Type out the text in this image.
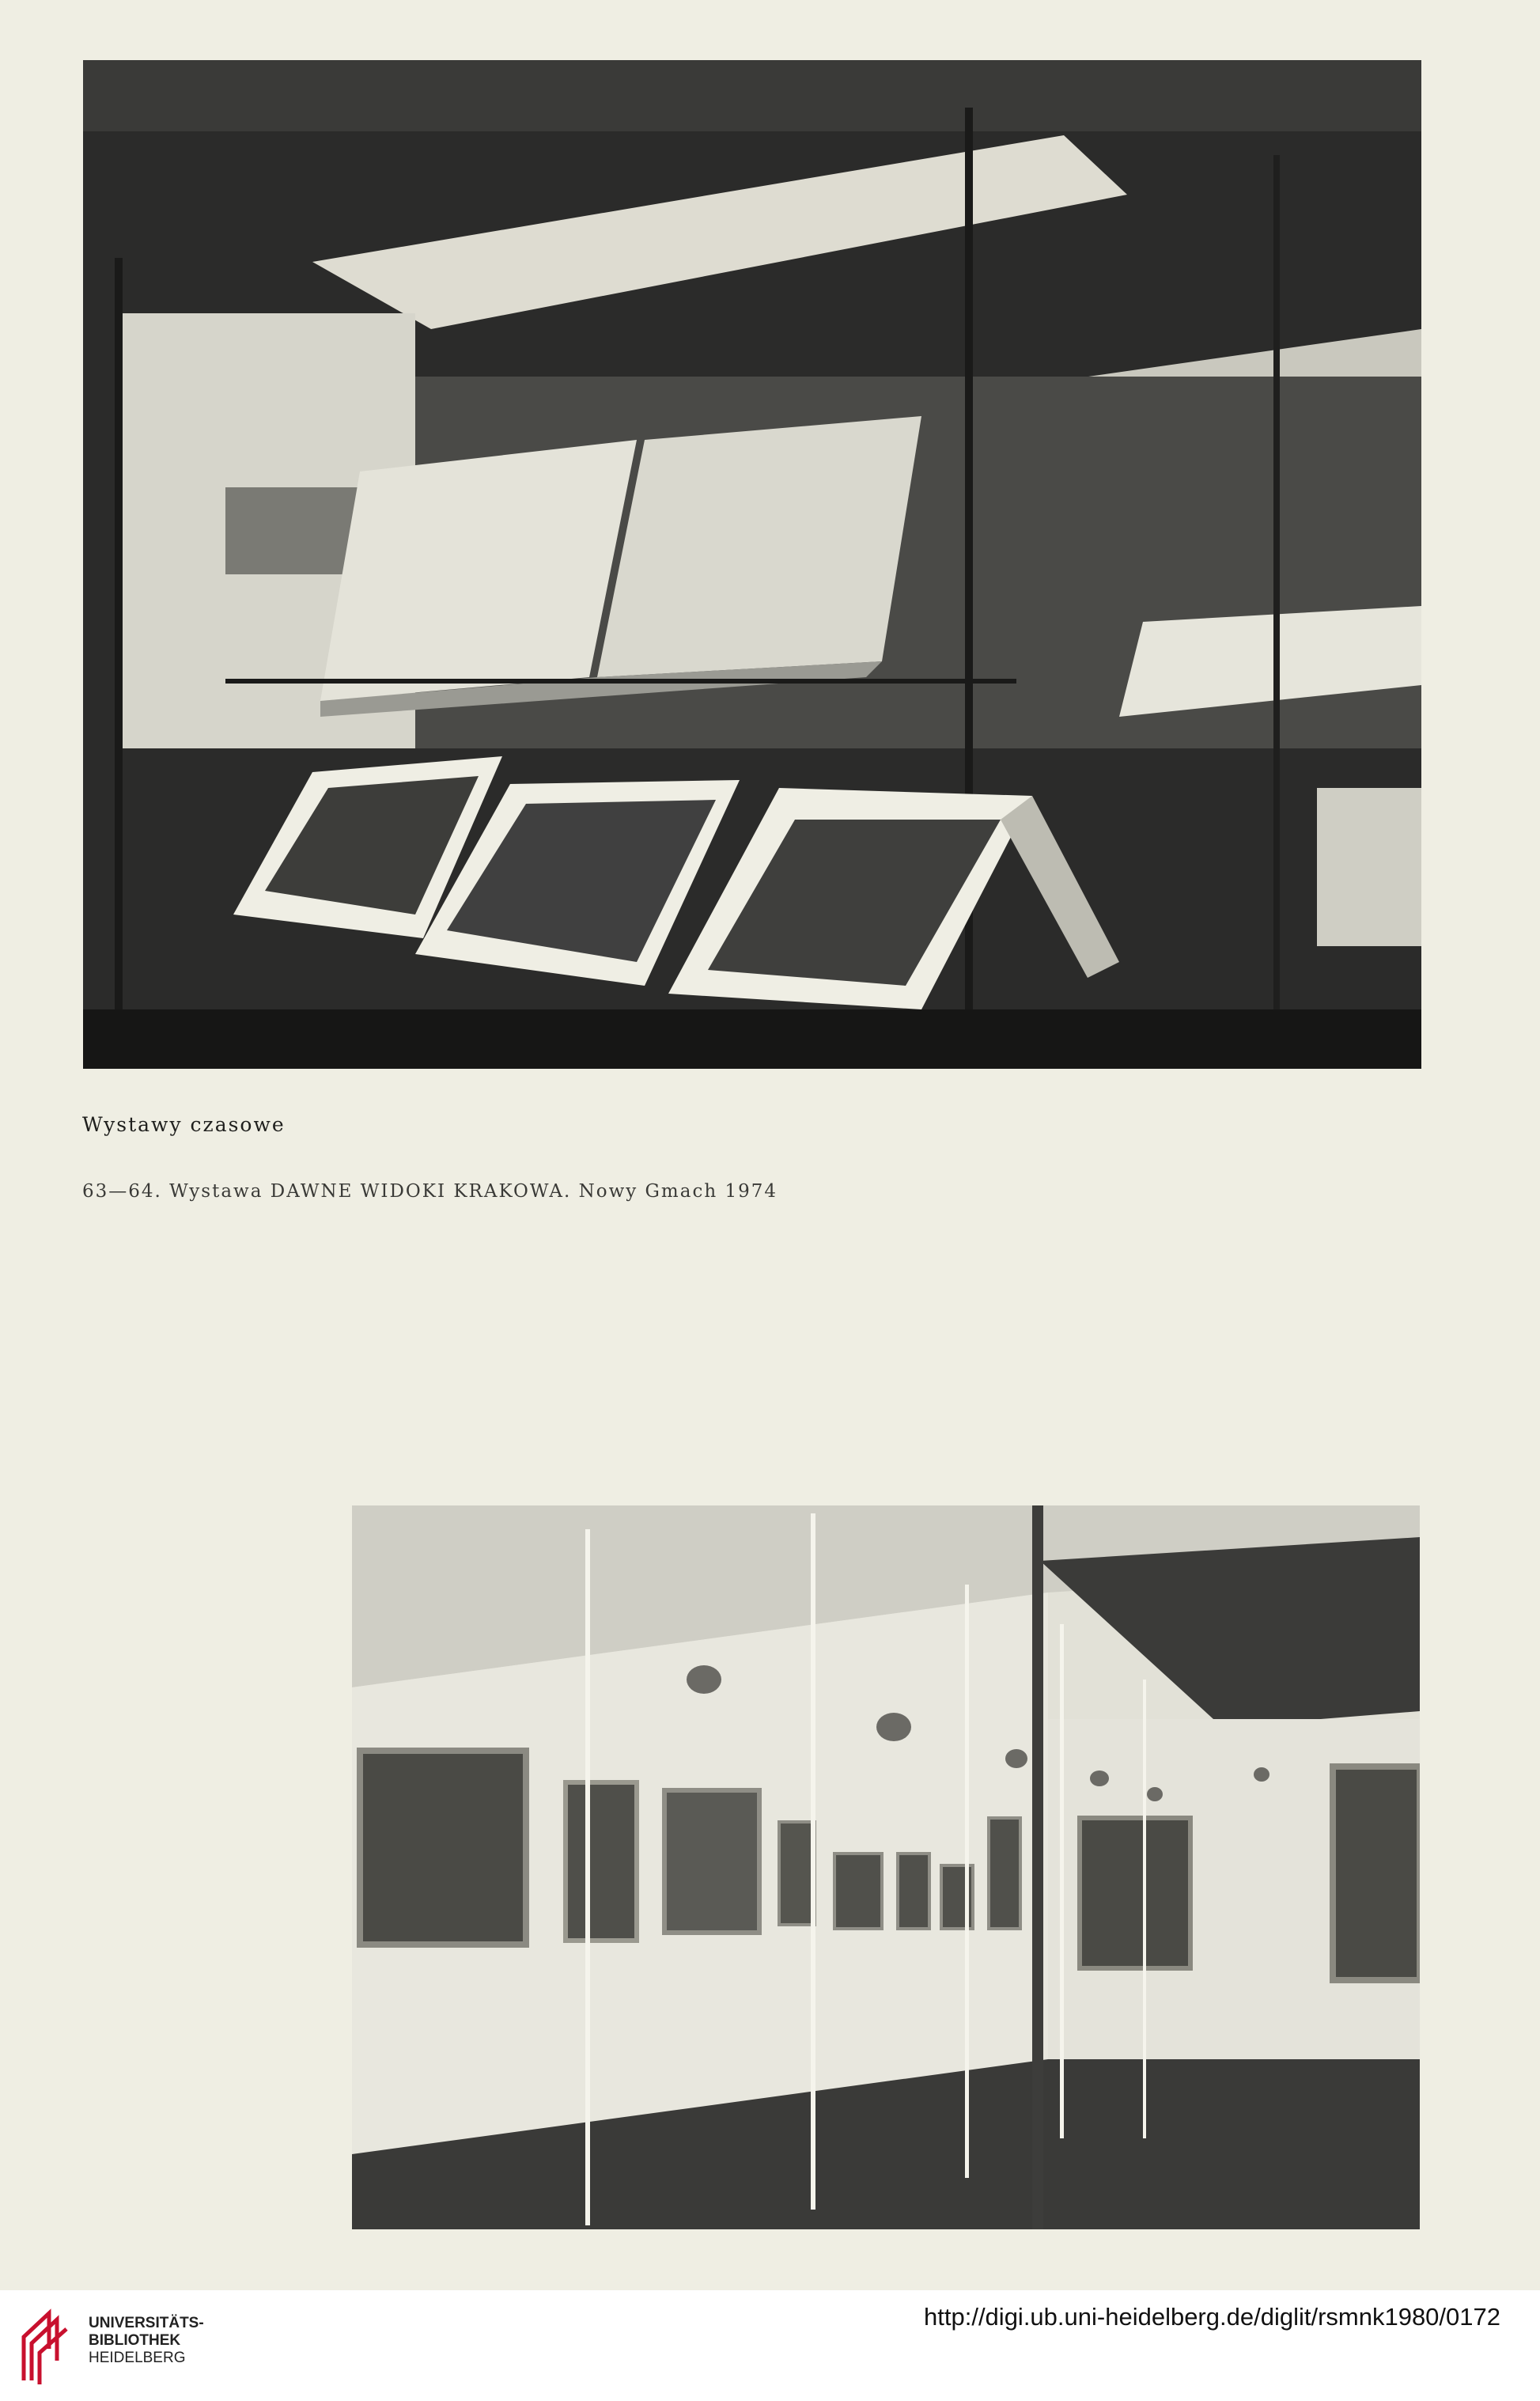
Wystawy czasowe
63—64. Wystawa DAWNE WIDOKI KRAKOWA. Nowy Gmach 1974
UNIVERSITÄTS-
BIBLIOTHEK
HEIDELBERG
http://digi.ub.uni-heidelberg.de/diglit/rsmnk1980/0172
